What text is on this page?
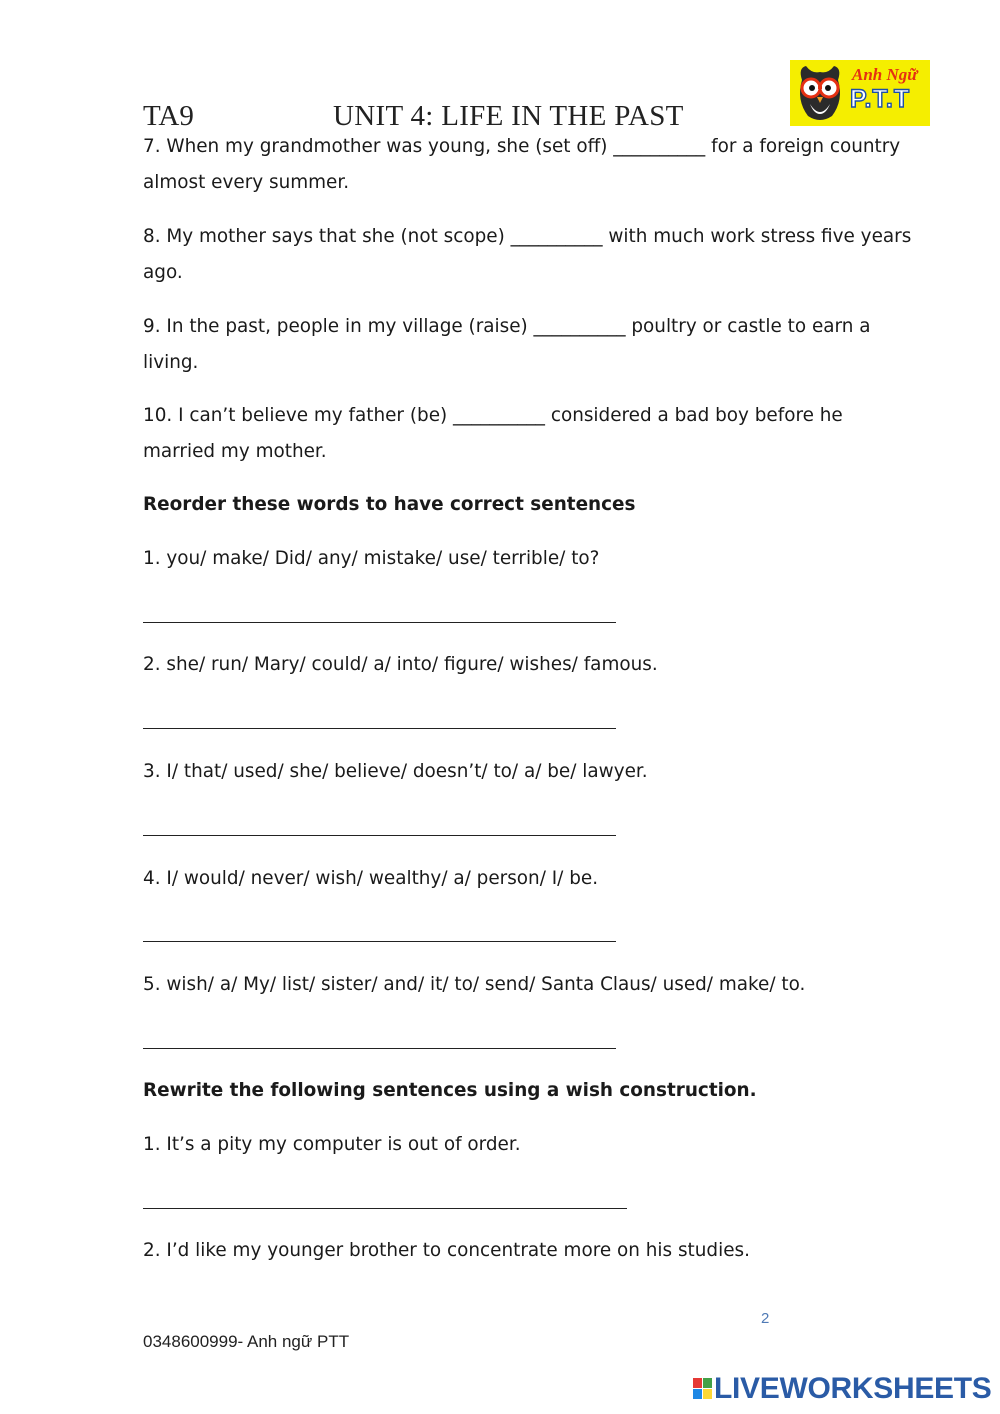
TA9	UNIT 4: LIFE IN THE PAST
Anh Ngữ
P.T.T
7. When my grandmother was young, she (set off) __________ for a foreign country almost every summer.
8. My mother says that she (not scope) __________ with much work stress five years ago.
9. In the past, people in my village (raise) __________ poultry or castle to earn a living.
10. I can’t believe my father (be) __________ considered a bad boy before he married my mother.
Reorder these words to have correct sentences
1. you/ make/ Did/ any/ mistake/ use/ terrible/ to?
2. she/ run/ Mary/ could/ a/ into/ figure/ wishes/ famous.
3. I/ that/ used/ she/ believe/ doesn’t/ to/ a/ be/ lawyer.
4. I/ would/ never/ wish/ wealthy/ a/ person/ I/ be.
5. wish/ a/ My/ list/ sister/ and/ it/ to/ send/ Santa Claus/ used/ make/ to.
Rewrite the following sentences using a wish construction.
1. It’s a pity my computer is out of order.
2. I’d like my younger brother to concentrate more on his studies.
2
0348600999- Anh ngữ PTT
LIVEWORKSHEETS
